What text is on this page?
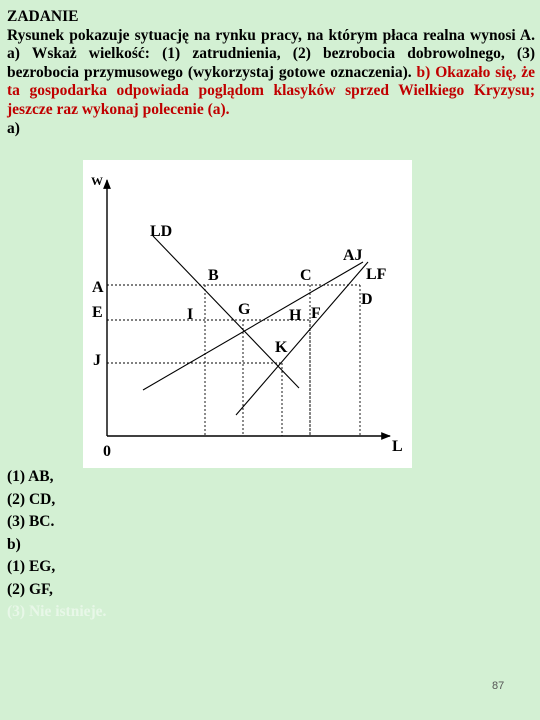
ZADANIE
Rysunek pokazuje sytuację na rynku pracy, na którym płaca realna wynosi A. a) Wskaż wielkość: (1) zatrudnienia, (2) bezrobocia dobrowolnego, (3) bezrobocia przymusowego (wykorzystaj gotowe oznaczenia). b) Okazało się, że ta gospodarka odpowiada poglądom klasyków sprzed Wielkiego Kryzysu; jeszcze raz wykonaj polecenie (a).
a)
LD
AJ
LF
W
L
0
A
E
J
B	C
D
I	G H F
K
(1) AB,
(2) CD,
(3) BC.
b)
(1) EG,
(2) GF,
(3) Nie istnieje.
87
